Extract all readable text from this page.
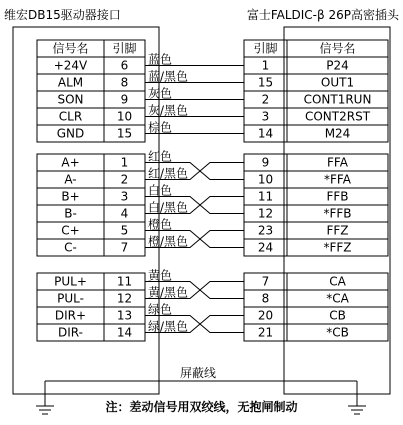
维宏DB15驱动器接口	富士FALDIC-β 26P高密插头
信号名 引脚	引脚	信号名
+24V	6	1	P24
ALM	8	15	OUT1
SON	9	2	CONT1RUN
CLR	10	3	CONT2RST
GND	15	14	M24
A+	1	9	FFA
A-	2	10	*FFA
B+	3	11	FFB
B-	4	12	*FFB
C+	5	23	FFZ
C-	7	24	*FFZ
PUL+ 11	7	CA
PUL-	12	8	*CA
DIR+	13	20	CB
DIR-	14	21	*CB
蓝色
蓝/黑色
灰色
灰/黑色
棕色
红色
红/黑色
白色
白/黑色
橙色
橙/黑色
黄色
黄/黑色
绿色
绿/黑色
屏蔽线
注：差动信号用双绞线，无抱闸制动
